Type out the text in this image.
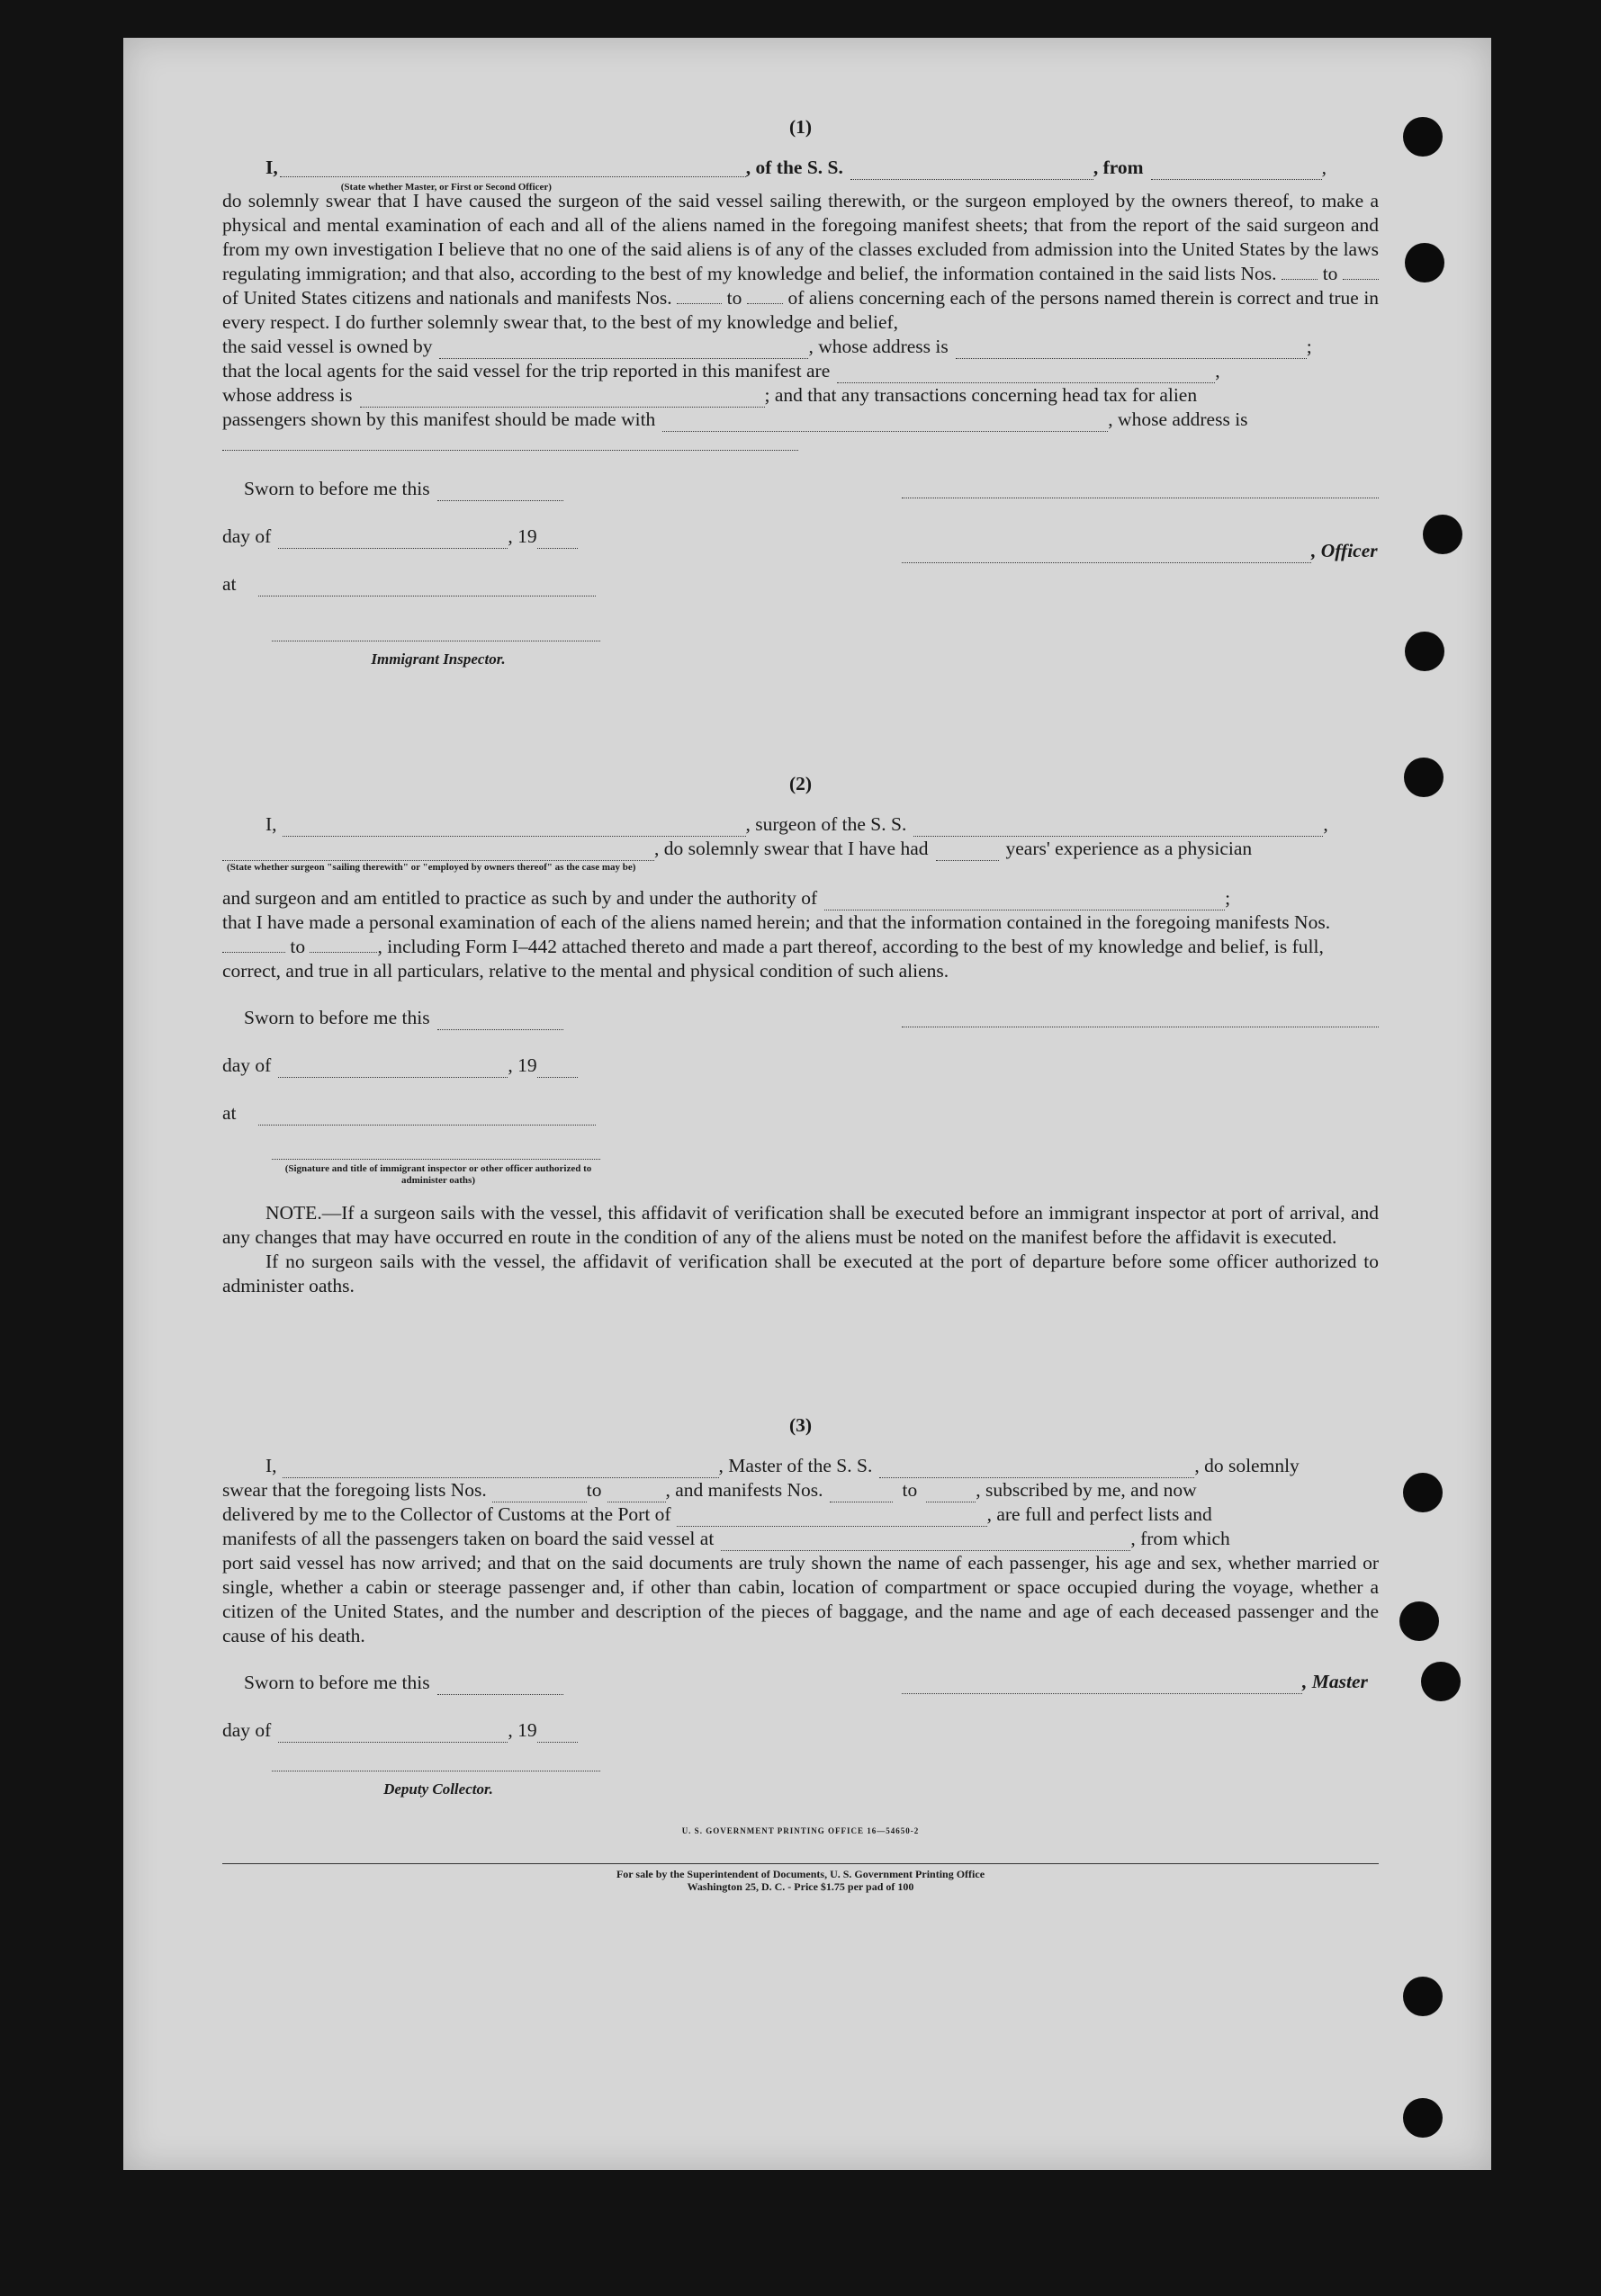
(1)
I,
(State whether Master, or First or Second Officer)
, of the S. S.	, from	,

do solemnly swear that I have caused the surgeon of the said vessel sailing therewith, or the surgeon employed by the owners thereof, to make a physical and mental examination of each and all of the aliens named in the foregoing manifest sheets; that from the report of the said surgeon and from my own investigation I believe that no one of the said aliens is of any of the classes excluded from admission into the United States by the laws regulating immigration; and that also, according to the best of my knowledge and belief, the information contained in the said lists Nos. to  of United States citizens and nationals and manifests Nos.	to of aliens concerning each of the persons named therein is correct and true in every respect. I do further solemnly swear that, to the best of my knowledge and belief,

the said vessel is owned by	, whose address is	;
that the local agents for the said vessel for the trip reported in this manifest are	,
whose address is	; and that any transactions concerning head tax for alien
passengers shown by this manifest should be made with	, whose address is
Sworn to before me this
day of	, 19
at
Immigrant Inspector.
, Officer
(2)
I,	, surgeon of the S. S.	,
, do solemnly swear that I have had	years' experience as a physician
(State whether surgeon "sailing therewith" or "employed by owners thereof" as the case may be)
and surgeon and am entitled to practice as such by and under the authority of	;

that I have made a personal examination of each of the aliens named herein; and that the information contained in the foregoing manifests Nos.  to	, including Form I–442 attached thereto and made a part thereof, according to the best of my knowledge and belief, is full, correct, and true in all particulars, relative to the mental and physical condition of such aliens.

Sworn to before me this
day of	, 19
at
(Signature and title of immigrant inspector or other officer authorized to administer oaths)

NOTE.—If a surgeon sails with the vessel, this affidavit of verification shall be executed before an immigrant inspector at port of arrival, and any changes that may have occurred en route in the condition of any of the aliens must be noted on the manifest before the affidavit is executed.

If no surgeon sails with the vessel, the affidavit of verification shall be executed at the port of departure before some officer authorized to administer oaths.

(3)
I,	, Master of the S. S.	, do solemnly
swear that the foregoing lists Nos.	to	, and manifests Nos.	to	, subscribed by me, and now
delivered by me to the Collector of Customs at the Port of	, are full and perfect lists and
manifests of all the passengers taken on board the said vessel at	, from which

port said vessel has now arrived; and that on the said documents are truly shown the name of each passenger, his age and sex, whether married or single, whether a cabin or steerage passenger and, if other than cabin, location of compartment or space occupied during the voyage, whether a citizen of the United States, and the number and description of the pieces of baggage, and the name and age of each deceased passenger and the cause of his death.

Sworn to before me this
day of	, 19
Deputy Collector.
, Master
U. S. GOVERNMENT PRINTING OFFICE 16—54650-2
For sale by the Superintendent of Documents, U. S. Government Printing Office
Washington 25, D. C. - Price $1.75 per pad of 100
